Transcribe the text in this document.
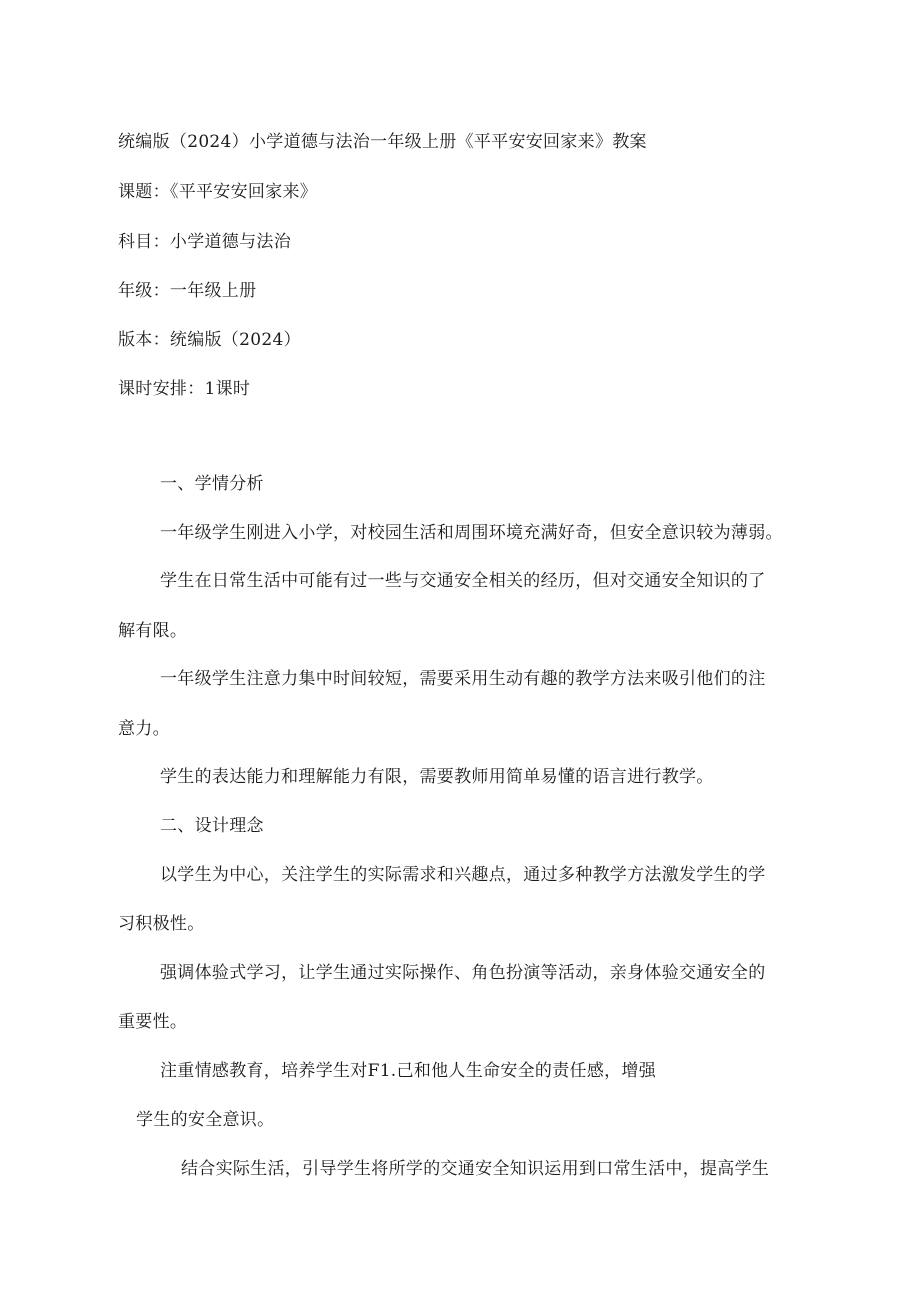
统编版（2024）小学道德与法治一年级上册《平平安安回家来》教案
课题：《平平安安回家来》
科目：小学道德与法治
年级：一年级上册
版本：统编版（2024）
课时安排：1课时
一、学情分析
一年级学生刚进入小学，对校园生活和周围环境充满好奇，但安全意识较为薄弱。
学生在日常生活中可能有过一些与交通安全相关的经历，但对交通安全知识的了
解有限。
一年级学生注意力集中时间较短，需要采用生动有趣的教学方法来吸引他们的注
意力。
学生的表达能力和理解能力有限，需要教师用简单易懂的语言进行教学。
二、设计理念
以学生为中心，关注学生的实际需求和兴趣点，通过多种教学方法激发学生的学
习积极性。
强调体验式学习，让学生通过实际操作、角色扮演等活动，亲身体验交通安全的
重要性。
注重情感教育，培养学生对F1.己和他人生命安全的责任感，增强
学生的安全意识。
结合实际生活，引导学生将所学的交通安全知识运用到口常生活中，提高学生
